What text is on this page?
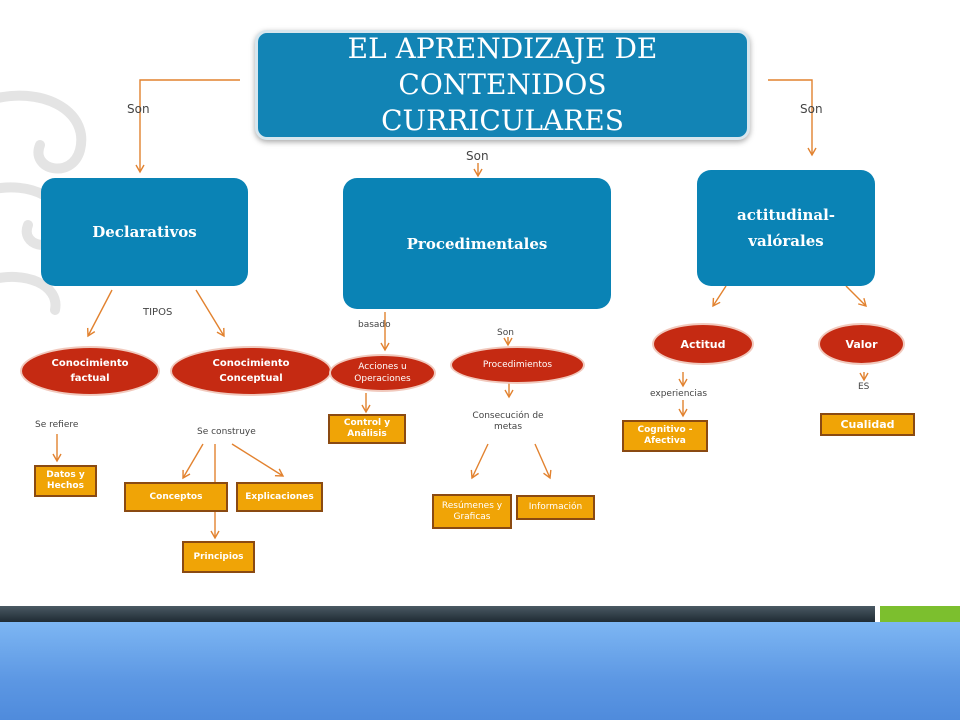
EL APRENDIZAJE DE CONTENIDOS CURRICULARES
Son
Son
Son
TIPOS
basado
Son
Se refiere
Se construye
Consecución de metas
experiencias
ES
Declarativos
Procedimentales
actitudinal-valórales
Conocimiento factual
Conocimiento Conceptual
Acciones u Operaciones
Procedimientos
Actitud	Valor
Datos y Hechos
Conceptos	Explicaciones
Principios
Control y Análisis
Resúmenes y Graficas
Información
Cognitivo - Afectiva
Cualidad
